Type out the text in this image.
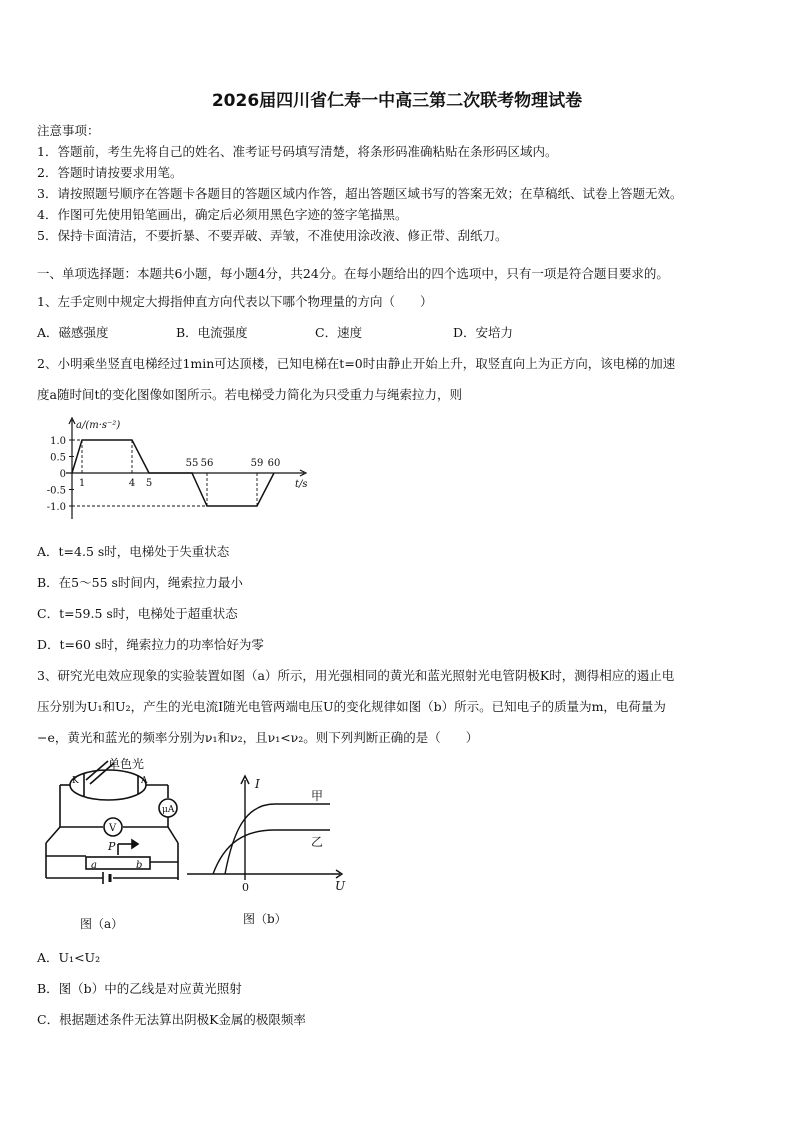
2026届四川省仁寿一中高三第二次联考物理试卷
注意事项：
1．答题前，考生先将自己的姓名、准考证号码填写清楚，将条形码准确粘贴在条形码区域内。
2．答题时请按要求用笔。
3．请按照题号顺序在答题卡各题目的答题区域内作答，超出答题区域书写的答案无效；在草稿纸、试卷上答题无效。
4．作图可先使用铅笔画出，确定后必须用黑色字迹的签字笔描黑。
5．保持卡面清洁，不要折暴、不要弄破、弄皱，不准使用涂改液、修正带、刮纸刀。
一、单项选择题：本题共6小题，每小题4分，共24分。在每小题给出的四个选项中，只有一项是符合题目要求的。
1、左手定则中规定大拇指伸直方向代表以下哪个物理量的方向（　　）
A．磁感强度	B．电流强度	C．速度	D．安培力
2、小明乘坐竖直电梯经过1min可达顶楼，已知电梯在t=0时由静止开始上升，取竖直向上为正方向，该电梯的加速
度a随时间t的变化图像如图所示。若电梯受力简化为只受重力与绳索拉力，则
1.0
0.5
0
-0.5
-1.0
1	4 5
55 56	59 60
a/(m·s⁻²)
t/s
A．t=4.5 s时，电梯处于失重状态
B．在5～55 s时间内，绳索拉力最小
C．t=59.5 s时，电梯处于超重状态
D．t=60 s时，绳索拉力的功率恰好为零
3、研究光电效应现象的实验装置如图（a）所示，用光强相同的黄光和蓝光照射光电管阴极K时，测得相应的遏止电
压分别为U₁和U₂，产生的光电流I随光电管两端电压U的变化规律如图（b）所示。已知电子的质量为m，电荷量为
−e，黄光和蓝光的频率分别为ν₁和ν₂，且ν₁<ν₂。则下列判断正确的是（　　）
单色光
K	A
μA
V
P
a	b
图（a）
I
U
0
甲
乙
图（b）
A．U₁<U₂
B．图（b）中的乙线是对应黄光照射
C．根据题述条件无法算出阴极K金属的极限频率
